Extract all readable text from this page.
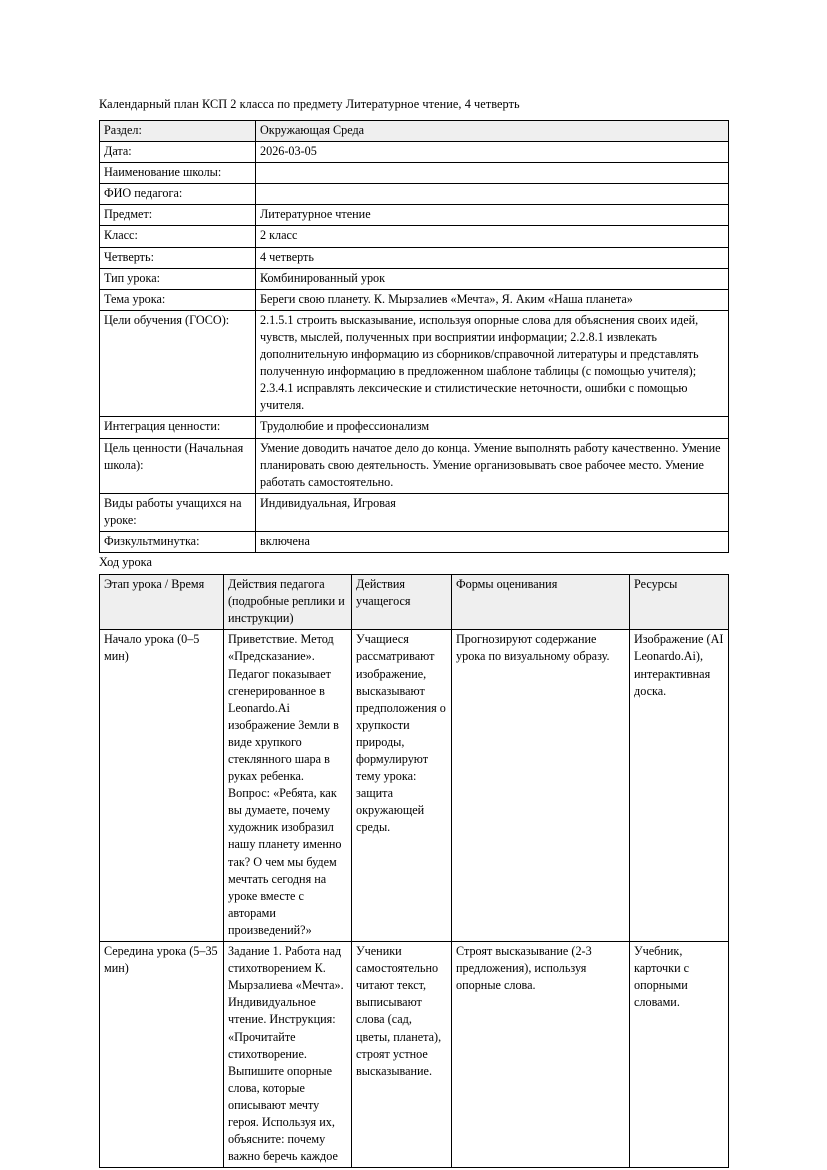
Календарный план КСП 2 класса по предмету Литературное чтение, 4 четверть

Раздел:	Окружающая Среда
Дата:	2026-03-05
Наименование школы:	
ФИО педагога:	
Предмет:	Литературное чтение
Класс:	2 класс
Четверть:	4 четверть
Тип урока:	Комбинированный урок
Тема урока:	Береги свою планету. К. Мырзалиев «Мечта», Я. Аким «Наша планета»
Цели обучения (ГОСО):	2.1.5.1 строить высказывание, используя опорные слова для объяснения своих идей, чувств, мыслей, полученных при восприятии информации; 2.2.8.1 извлекать дополнительную информацию из сборников/справочной литературы и представлять полученную информацию в предложенном шаблоне таблицы (с помощью учителя); 2.3.4.1 исправлять лексические и стилистические неточности, ошибки с помощью учителя.
Интеграция ценности:	Трудолюбие и профессионализм
Цель ценности (Начальная школа):	Умение доводить начатое дело до конца. Умение выполнять работу качественно. Умение планировать свою деятельность. Умение организовывать свое рабочее место. Умение работать самостоятельно.
Виды работы учащихся на уроке:	Индивидуальная, Игровая
Физкультминутка:	включена

Ход урока

Этап урока / Время	Действия педагога (подробные реплики и инструкции)	Действия учащегося	Формы оценивания	Ресурсы
Начало урока (0–5 мин)	Приветствие. Метод «Предсказание». Педагог показывает сгенерированное в Leonardo.Ai изображение Земли в виде хрупкого стеклянного шара в руках ребенка. Вопрос: «Ребята, как вы думаете, почему художник изобразил нашу планету именно так? О чем мы будем мечтать сегодня на уроке вместе с авторами произведений?»	Учащиеся рассматривают изображение, высказывают предположения о хрупкости природы, формулируют тему урока: защита окружающей среды.	Прогнозируют содержание урока по визуальному образу.	Изображение (AI Leonardo.Ai), интерактивная доска.
Середина урока (5–35 мин)	Задание 1. Работа над стихотворением К. Мырзалиева «Мечта». Индивидуальное чтение. Инструкция: «Прочитайте стихотворение. Выпишите опорные слова, которые описывают мечту героя. Используя их, объясните: почему важно беречь каждое	Ученики самостоятельно читают текст, выписывают слова (сад, цветы, планета), строят устное высказывание.	Строят высказывание (2-3 предложения), используя опорные слова.	Учебник, карточки с опорными словами.
